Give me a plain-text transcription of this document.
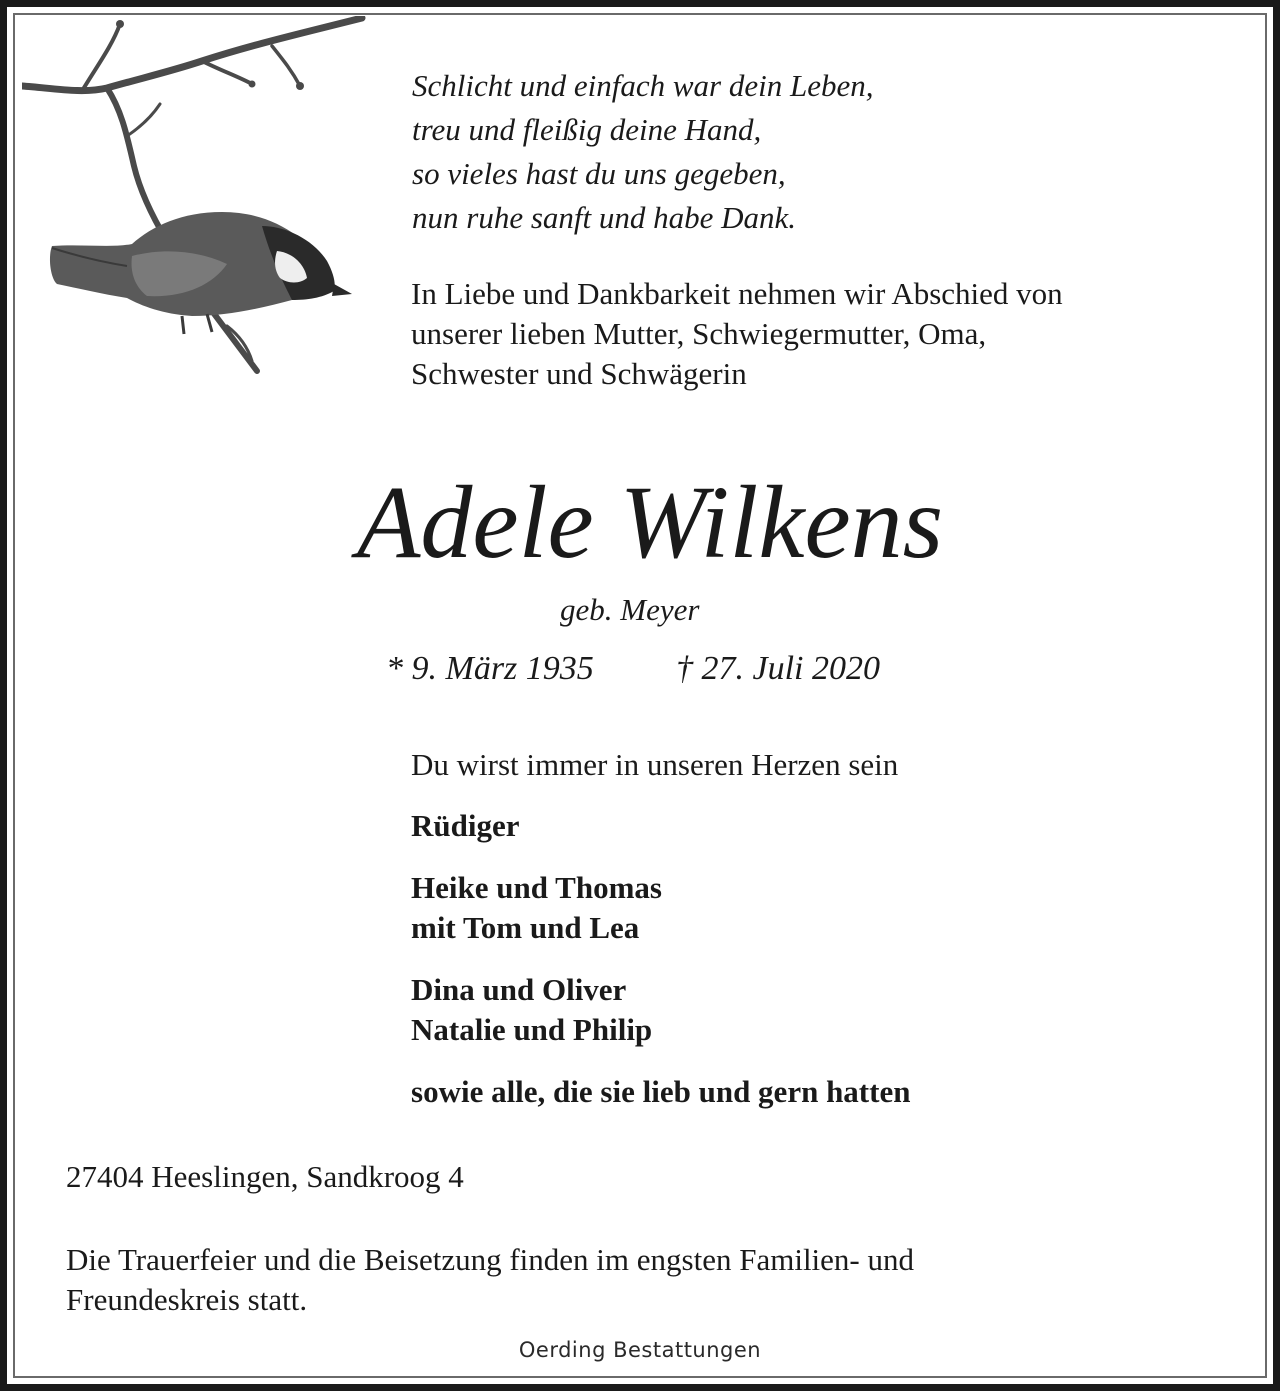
Schlicht und einfach war dein Leben,
treu und fleißig deine Hand,
so vieles hast du uns gegeben,
nun ruhe sanft und habe Dank.
In Liebe und Dankbarkeit nehmen wir Abschied von
unserer lieben Mutter, Schwiegermutter, Oma,
Schwester und Schwägerin
Adele Wilkens
geb. Meyer
* 9. März 1935 † 27. Juli 2020
Du wirst immer in unseren Herzen sein
Rüdiger
Heike und Thomas
mit Tom und Lea
Dina und Oliver
Natalie und Philip
sowie alle, die sie lieb und gern hatten
27404 Heeslingen, Sandkroog 4
Die Trauerfeier und die Beisetzung finden im engsten Familien- und
Freundeskreis statt.
Oerding Bestattungen
